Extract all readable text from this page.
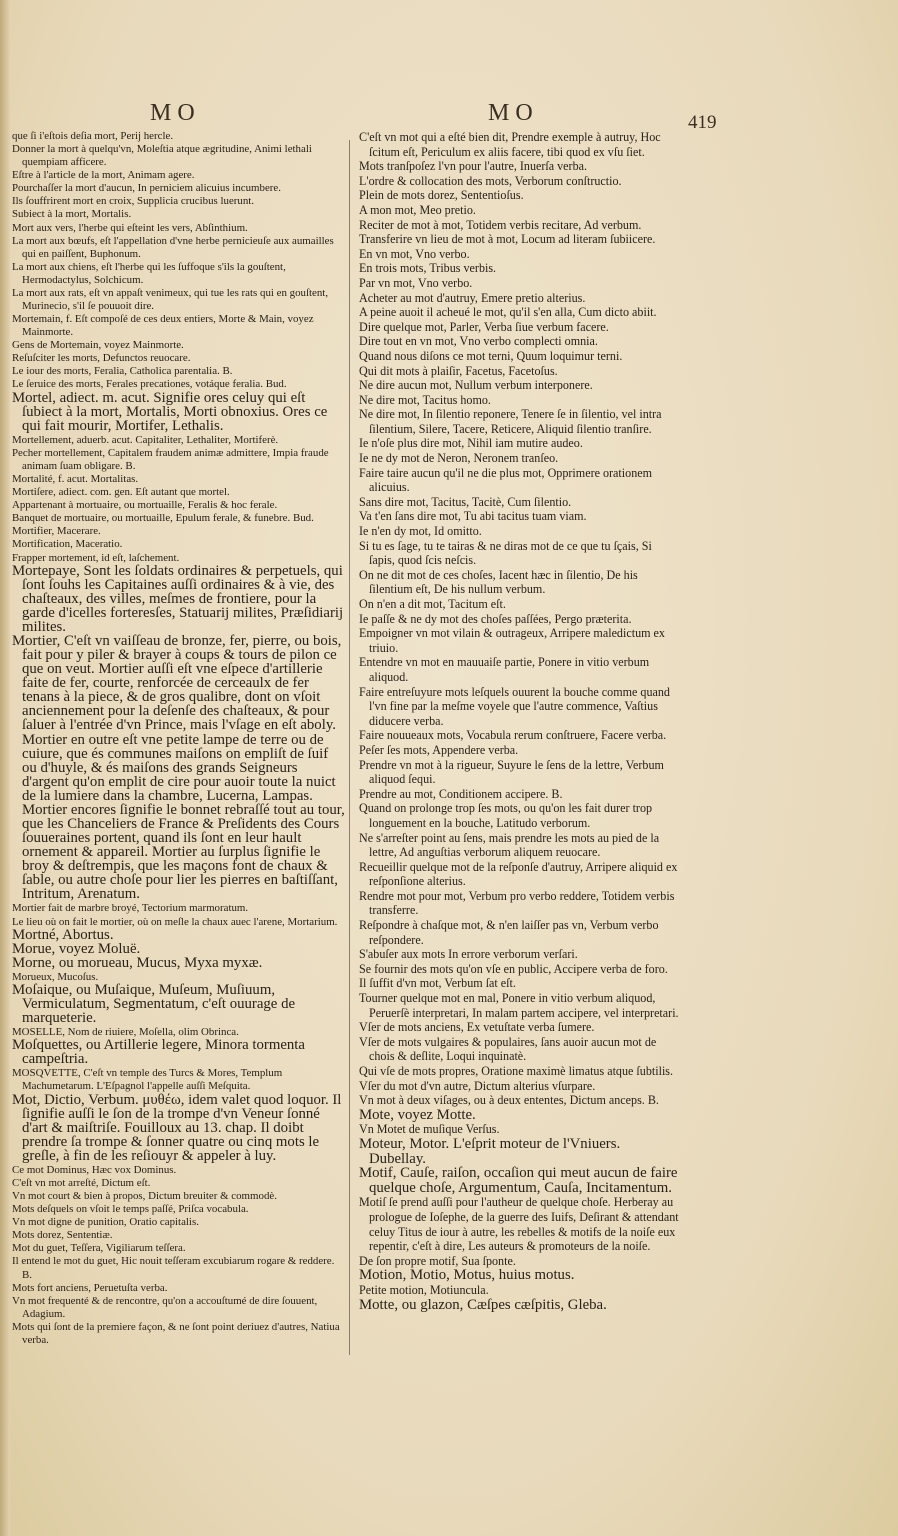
MO	MO	419

que ſi i'eſtois deſia mort, Perij hercle.

Donner la mort à quelqu'vn, Moleſtia atque ægritudine, Animi lethali quempiam afficere.

Eſtre à l'article de la mort, Animam agere.

Pourchaſſer la mort d'aucun, In perniciem alicuius incumbere.

Ils ſouffrirent mort en croix, Supplicia crucibus luerunt.

Subiect à la mort, Mortalis.

Mort aux vers, l'herbe qui eſteint les vers, Abſinthium.

La mort aux bœufs, eſt l'appellation d'vne herbe pernicieuſe aux aumailles qui en paiſſent, Buphonum.

La mort aux chiens, eſt l'herbe qui les ſuffoque s'ils la gouſtent, Hermodactylus, Solchicum.

La mort aux rats, eſt vn appaſt venimeux, qui tue les rats qui en gouſtent, Murinecio, s'il ſe pouuoit dire.

Mortemain, f. Eſt compoſé de ces deux entiers, Morte & Main, voyez Mainmorte.

Gens de Mortemain, voyez Mainmorte.

Reſuſciter les morts, Defunctos reuocare.

Le iour des morts, Feralia, Catholica parentalia. B.

Le ſeruice des morts, Ferales precationes, votáque feralia. Bud.

Mortel, adiect. m. acut. Signifie ores celuy qui eſt ſubiect à la mort, Mortalis, Morti obnoxius. Ores ce qui fait mourir, Mortifer, Lethalis.

Mortellement, aduerb. acut. Capitaliter, Lethaliter, Mortiferè.

Pecher mortellement, Capitalem fraudem animæ admittere, Impia fraude animam ſuam obligare. B.

Mortalité, f. acut. Mortalitas.

Mortiſere, adiect. com. gen. Eſt autant que mortel.

Appartenant à mortuaire, ou mortuaille, Feralis & hoc ferale.

Banquet de mortuaire, ou mortuaille, Epulum ferale, & funebre. Bud.

Mortifier, Macerare.

Mortification, Maceratio.

Frapper mortement, id eſt, laſchement.

Mortepaye, Sont les ſoldats ordinaires & perpetuels, qui ſont ſouhs les Capitaines auſſi ordinaires & à vie, des chaſteaux, des villes, meſmes de frontiere, pour la garde d'icelles forteresſes, Statuarij milites, Præſidiarij milites.

Mortier, C'eſt vn vaiſſeau de bronze, fer, pierre, ou bois, fait pour y piler & brayer à coups & tours de pilon ce que on veut. Mortier auſſi eſt vne eſpece d'artillerie faite de fer, courte, renforcée de cerceaulx de fer tenans à la piece, & de gros qualibre, dont on vſoit anciennement pour la deſenſe des chaſteaux, & pour ſaluer à l'entrée d'vn Prince, mais l'vſage en eſt aboly. Mortier en outre eſt vne petite lampe de terre ou de cuiure, que és communes maiſons on empliſt de ſuif ou d'huyle, & és maiſons des grands Seigneurs d'argent qu'on emplit de cire pour auoir toute la nuict de la lumiere dans la chambre, Lucerna, Lampas. Mortier encores ſignifie le bonnet rebraſſé tout au tour, que les Chanceliers de France & Preſidents des Cours ſouueraines portent, quand ils ſont en leur hault ornement & appareil. Mortier au ſurplus ſignifie le broy & deſtrempis, que les maçons font de chaux & ſable, ou autre choſe pour lier les pierres en baſtiſſant, Intritum, Arenatum.

Mortier fait de marbre broyé, Tectorium marmoratum.

Le lieu où on fait le mortier, où on meſle la chaux auec l'arene, Mortarium.

Mortné, Abortus.

Morue, voyez Moluë.

Morne, ou morueau, Mucus, Myxa myxæ.

Morueux, Mucoſus.

Moſaique, ou Muſaique, Muſeum, Muſiuum, Vermiculatum, Segmentatum, c'eſt ouurage de marqueterie.

MOSELLE, Nom de riuiere, Moſella, olim Obrinca.

Moſquettes, ou Artillerie legere, Minora tormenta campeſtria.

MOSQVETTE, C'eſt vn temple des Turcs & Mores, Templum Machumetarum. L'Eſpagnol l'appelle auſſi Meſquita.

Mot, Dictio, Verbum. μυθέω, idem valet quod loquor. Il ſignifie auſſi le ſon de la trompe d'vn Veneur ſonné d'art & maiſtriſe. Fouilloux au 13. chap. Il doibt prendre ſa trompe & ſonner quatre ou cinq mots le greſle, à fin de les reſiouyr & appeler à luy.

Ce mot Dominus, Hæc vox Dominus.

C'eſt vn mot arreſté, Dictum eſt.

Vn mot court & bien à propos, Dictum breuiter & commodè.

Mots deſquels on vſoit le temps paſſé, Priſca vocabula.

Vn mot digne de punition, Oratio capitalis.

Mots dorez, Sententiæ.

Mot du guet, Teſſera, Vigiliarum teſſera.

Il entend le mot du guet, Hic nouit teſſeram excubiarum rogare & reddere. B.

Mots fort anciens, Peruetuſta verba.

Vn mot frequenté & de rencontre, qu'on a accouſtumé de dire ſouuent, Adagium.

Mots qui ſont de la premiere façon, & ne ſont point deriuez d'autres, Natiua verba.

C'eſt vn mot qui a eſté bien dit, Prendre exemple à autruy, Hoc ſcitum eſt, Periculum ex aliis facere, tibi quod ex vſu ſiet.

Mots tranſpoſez l'vn pour l'autre, Inuerſa verba.

L'ordre & collocation des mots, Verborum conſtructio.

Plein de mots dorez, Sententioſus.

A mon mot, Meo pretio.

Reciter de mot à mot, Totidem verbis recitare, Ad verbum.

Transferire vn lieu de mot à mot, Locum ad literam ſubiicere.

En vn mot, Vno verbo.

En trois mots, Tribus verbis.

Par vn mot, Vno verbo.

Acheter au mot d'autruy, Emere pretio alterius.

A peine auoit il acheué le mot, qu'il s'en alla, Cum dicto abiit.

Dire quelque mot, Parler, Verba ſiue verbum facere.

Dire tout en vn mot, Vno verbo complecti omnia.

Quand nous diſons ce mot terni, Quum loquimur terni.

Qui dit mots à plaiſir, Facetus, Facetoſus.

Ne dire aucun mot, Nullum verbum interponere.

Ne dire mot, Tacitus homo.

Ne dire mot, In ſilentio reponere, Tenere ſe in ſilentio, vel intra ſilentium, Silere, Tacere, Reticere, Aliquid ſilentio tranſire.

Ie n'oſe plus dire mot, Nihil iam mutire audeo.

Ie ne dy mot de Neron, Neronem tranſeo.

Faire taire aucun qu'il ne die plus mot, Opprimere orationem alicuius.

Sans dire mot, Tacitus, Tacitè, Cum ſilentio.

Va t'en ſans dire mot, Tu abi tacitus tuam viam.

Ie n'en dy mot, Id omitto.

Si tu es ſage, tu te tairas & ne diras mot de ce que tu ſçais, Si ſapis, quod ſcis neſcis.

On ne dit mot de ces choſes, Iacent hæc in ſilentio, De his ſilentium eſt, De his nullum verbum.

On n'en a dit mot, Tacitum eſt.

Ie paſſe & ne dy mot des choſes paſſées, Pergo præterita.

Empoigner vn mot vilain & outrageux, Arripere maledictum ex triuio.

Entendre vn mot en mauuaiſe partie, Ponere in vitio verbum aliquod.

Faire entreſuyure mots leſquels ouurent la bouche comme quand l'vn fine par la meſme voyele que l'autre commence, Vaſtius diducere verba.

Faire nouueaux mots, Vocabula rerum conſtruere, Facere verba.

Peſer ſes mots, Appendere verba.

Prendre vn mot à la rigueur, Suyure le ſens de la lettre, Verbum aliquod ſequi.

Prendre au mot, Conditionem accipere. B.

Quand on prolonge trop ſes mots, ou qu'on les fait durer trop longuement en la bouche, Latitudo verborum.

Ne s'arreſter point au ſens, mais prendre les mots au pied de la lettre, Ad anguſtias verborum aliquem reuocare.

Recueillir quelque mot de la reſponſe d'autruy, Arripere aliquid ex reſponſione alterius.

Rendre mot pour mot, Verbum pro verbo reddere, Totidem verbis transferre.

Reſpondre à chaſque mot, & n'en laiſſer pas vn, Verbum verbo reſpondere.

S'abuſer aux mots In errore verborum verſari.

Se fournir des mots qu'on vſe en public, Accipere verba de foro.

Il ſuffit d'vn mot, Verbum ſat eſt.

Tourner quelque mot en mal, Ponere in vitio verbum aliquod, Peruerſè interpretari, In malam partem accipere, vel interpretari.

Vſer de mots anciens, Ex vetuſtate verba ſumere.

Vſer de mots vulgaires & populaires, ſans auoir aucun mot de chois & deſlite, Loqui inquinatè.

Qui vſe de mots propres, Oratione maximè limatus atque ſubtilis.

Vſer du mot d'vn autre, Dictum alterius vſurpare.

Vn mot à deux viſages, ou à deux ententes, Dictum anceps. B.

Mote, voyez Motte.

Vn Motet de muſique Verſus.

Moteur, Motor. L'eſprit moteur de l'Vniuers. Dubellay.

Motif, Cauſe, raiſon, occaſion qui meut aucun de faire quelque choſe, Argumentum, Cauſa, Incitamentum.

Motiſ ſe prend auſſi pour l'autheur de quelque choſe. Herberay au prologue de Ioſephe, de la guerre des Iuifs, Deſirant & attendant celuy Titus de iour à autre, les rebelles & motifs de la noiſe eux repentir, c'eſt à dire, Les auteurs & promoteurs de la noiſe.

De ſon propre motif, Sua ſponte.

Motion, Motio, Motus, huius motus.

Petite motion, Motiuncula.

Motte, ou glazon, Cæſpes cæſpitis, Gleba.
